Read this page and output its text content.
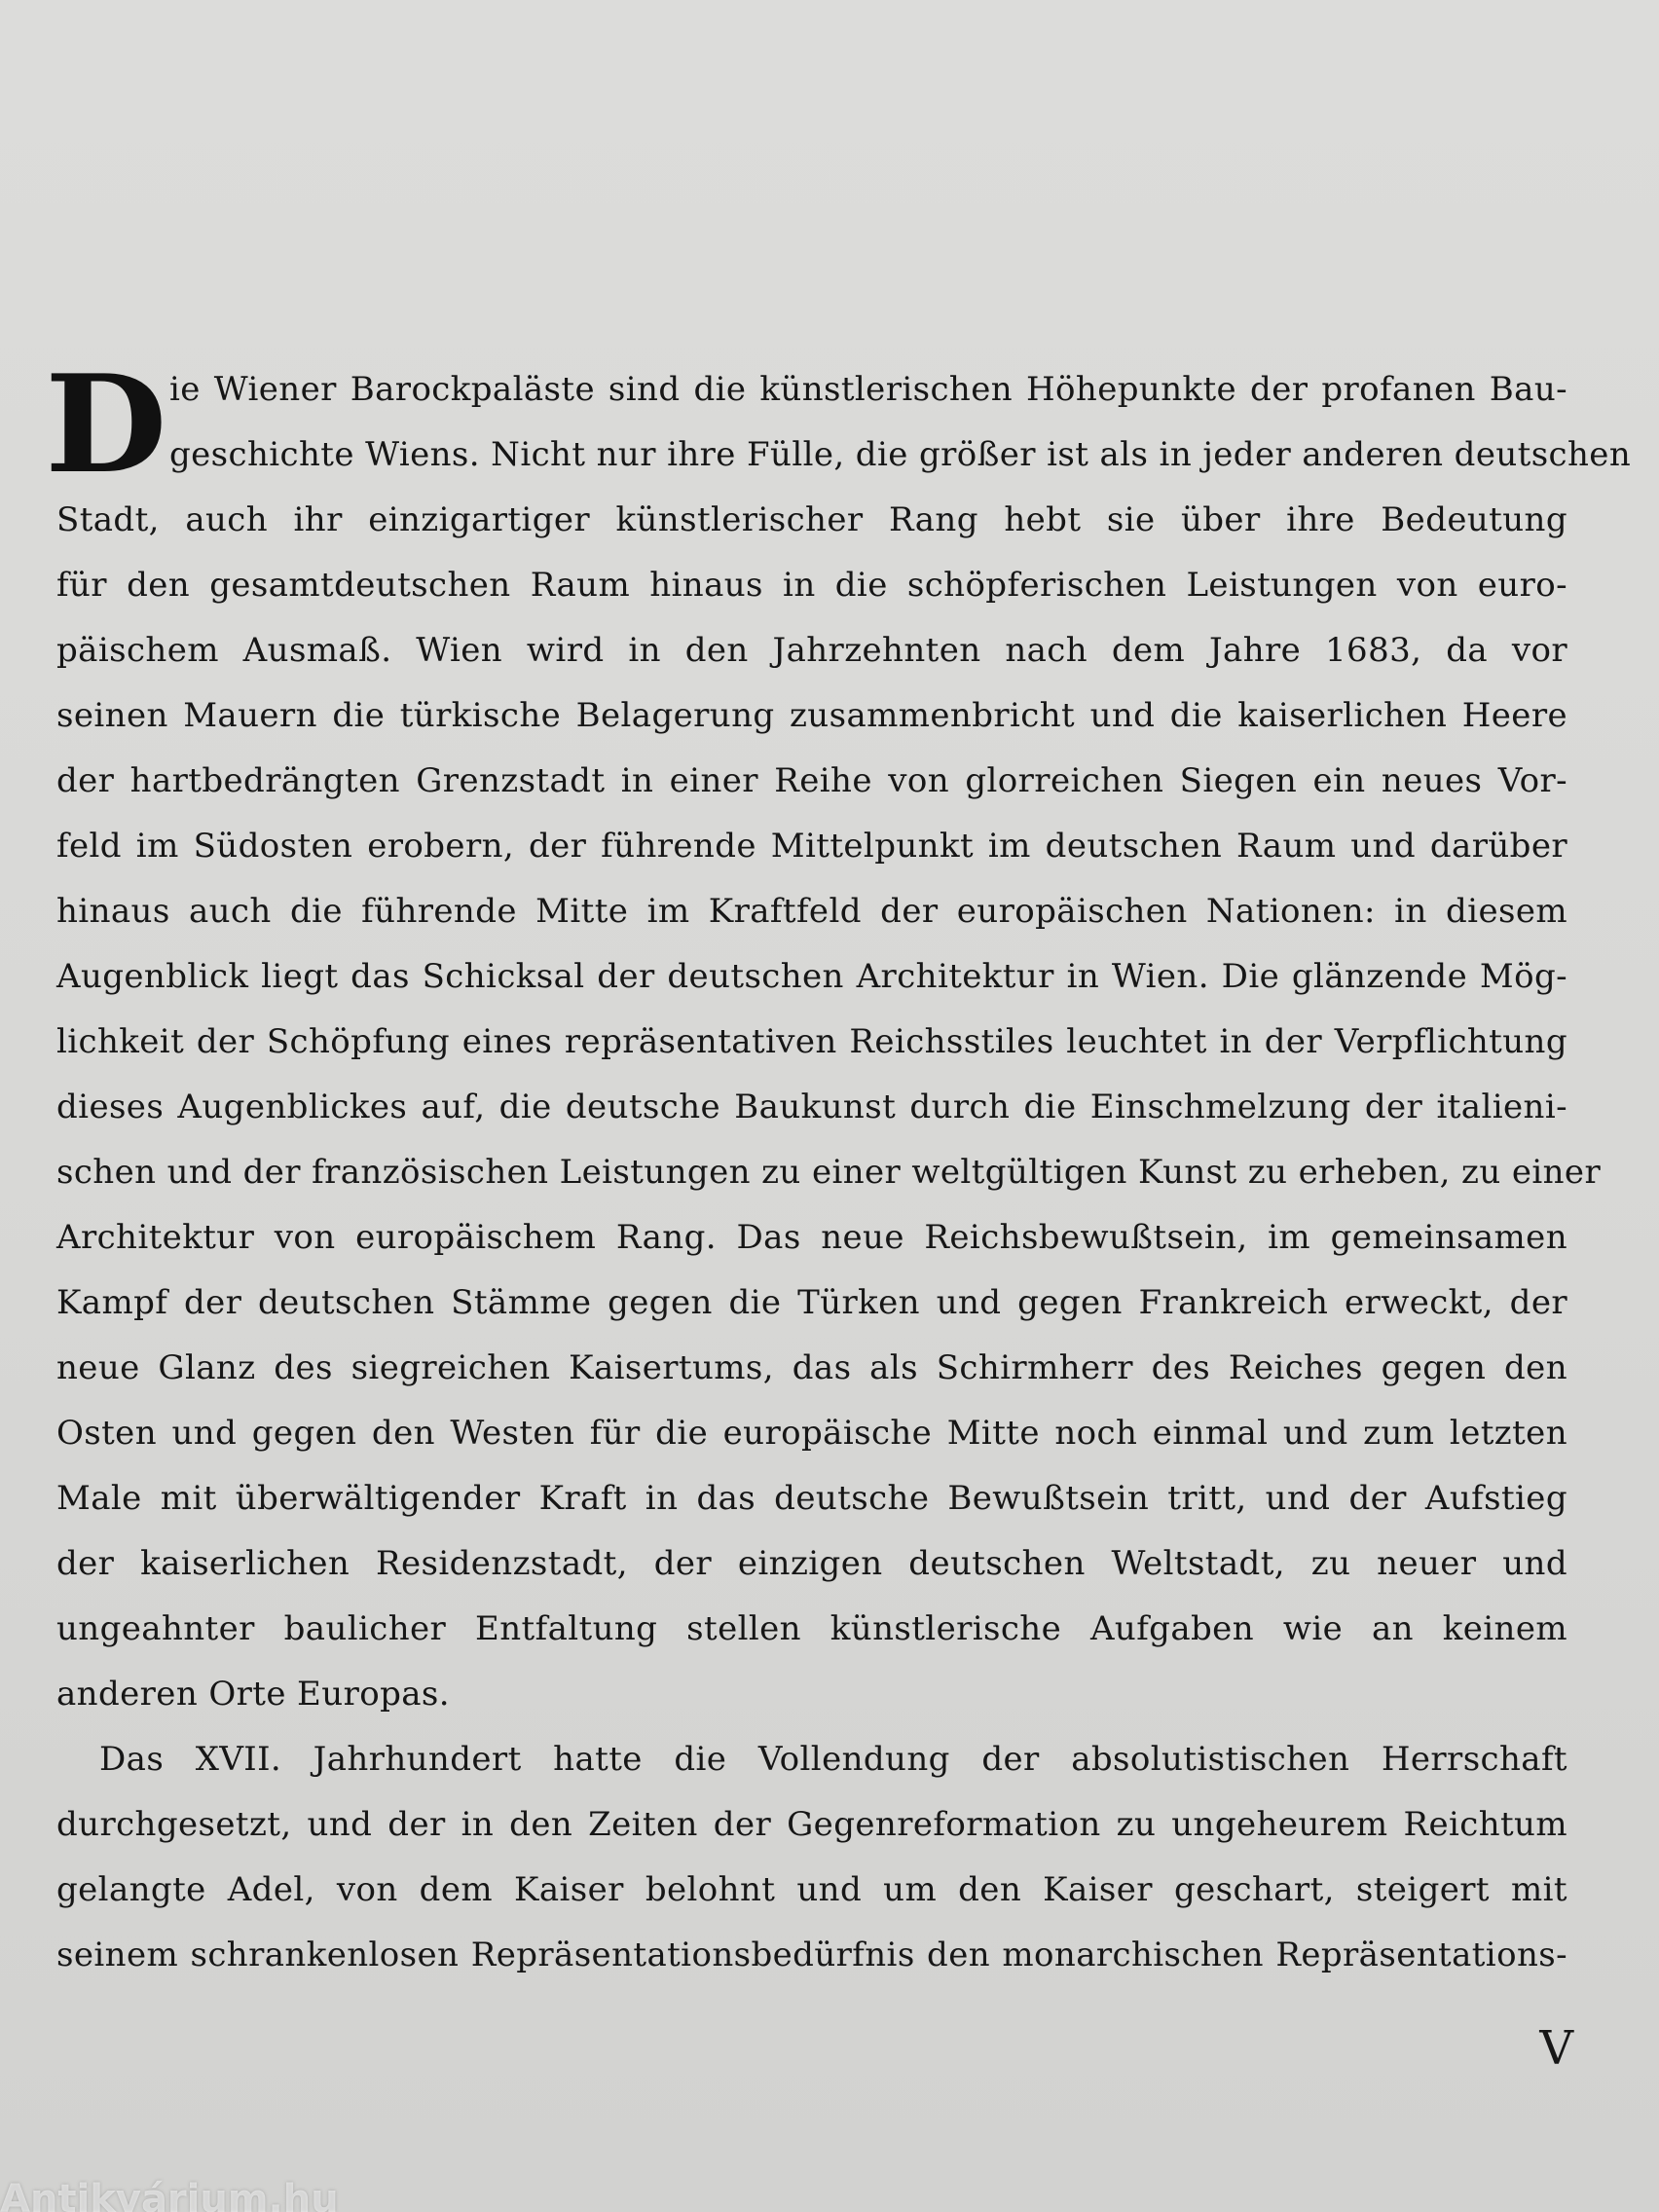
D ie Wiener Barockpaläste sind die künstlerischen Höhepunkte der profanen Bau-
geschichte Wiens. Nicht nur ihre Fülle, die größer ist als in jeder anderen deutschen
Stadt, auch ihr einzigartiger künstlerischer Rang hebt sie über ihre Bedeutung
für den gesamtdeutschen Raum hinaus in die schöpferischen Leistungen von euro-
päischem Ausmaß. Wien wird in den Jahrzehnten nach dem Jahre 1683, da vor
seinen Mauern die türkische Belagerung zusammenbricht und die kaiserlichen Heere
der hartbedrängten Grenzstadt in einer Reihe von glorreichen Siegen ein neues Vor-
feld im Südosten erobern, der führende Mittelpunkt im deutschen Raum und darüber
hinaus auch die führende Mitte im Kraftfeld der europäischen Nationen: in diesem
Augenblick liegt das Schicksal der deutschen Architektur in Wien. Die glänzende Mög-
lichkeit der Schöpfung eines repräsentativen Reichsstiles leuchtet in der Verpflichtung
dieses Augenblickes auf, die deutsche Baukunst durch die Einschmelzung der italieni-
schen und der französischen Leistungen zu einer weltgültigen Kunst zu erheben, zu einer
Architektur von europäischem Rang. Das neue Reichsbewußtsein, im gemeinsamen
Kampf der deutschen Stämme gegen die Türken und gegen Frankreich erweckt, der
neue Glanz des siegreichen Kaisertums, das als Schirmherr des Reiches gegen den
Osten und gegen den Westen für die europäische Mitte noch einmal und zum letzten
Male mit überwältigender Kraft in das deutsche Bewußtsein tritt, und der Aufstieg
der kaiserlichen Residenzstadt, der einzigen deutschen Weltstadt, zu neuer und
ungeahnter baulicher Entfaltung stellen künstlerische Aufgaben wie an keinem
anderen Orte Europas.
Das XVII. Jahrhundert hatte die Vollendung der absolutistischen Herrschaft
durchgesetzt, und der in den Zeiten der Gegenreformation zu ungeheurem Reichtum
gelangte Adel, von dem Kaiser belohnt und um den Kaiser geschart, steigert mit
seinem schrankenlosen Repräsentationsbedürfnis den monarchischen Repräsentations-
V
Antikvárium.hu
